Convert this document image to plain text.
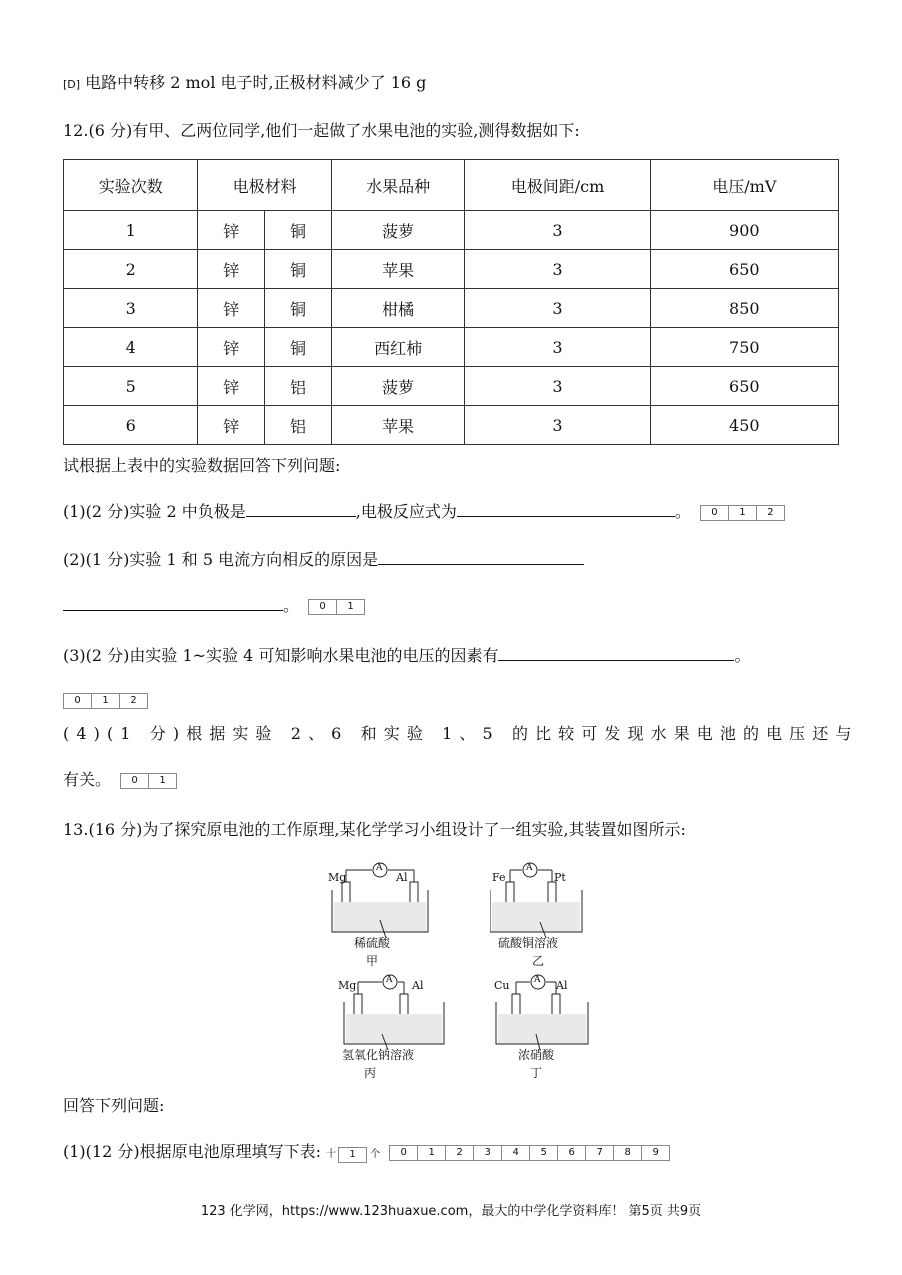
[D] 电路中转移 2 mol 电子时,正极材料减少了 16 g
12.(6 分)有甲、乙两位同学,他们一起做了水果电池的实验,测得数据如下:
实验次数	电极材料		水果品种	电极间距/cm	电压/mV
1	锌	铜	菠萝	3	900
2	锌	铜	苹果	3	650
3	锌	铜	柑橘	3	850
4	锌	铜	西红柿	3	750
5	锌	铝	菠萝	3	650
6	锌	铝	苹果	3	450
试根据上表中的实验数据回答下列问题:
(1)(2 分)实验 2 中负极是	,电极反应式为	。	0	1	2
(2)(1 分)实验 1 和 5 电流方向相反的原因是
。	0	1
(3)(2 分)由实验 1~实验 4 可知影响水果电池的电压的因素有	。
0	1	2
(4)(1 分)根据实验 2、6 和实验 1、5 的比较可发现水果电池的电压还与
有关。	0	1
13.(16 分)为了探究原电池的工作原理,某化学学习小组设计了一组实验,其装置如图所示:
A
Mg	Al
稀硫酸
甲
A
Fe	Pt
硫酸铜溶液
乙
A
Mg	Al
氢氧化钠溶液
丙
A
Cu	Al
浓硝酸
丁
回答下列问题:
(1)(12 分)根据原电池原理填写下表: 十	1	个
	0	1	2	3	4	5	6	7	8	9
123 化学网，https://www.123huaxue.com，最大的中学化学资料库！ 第5页 共9页
